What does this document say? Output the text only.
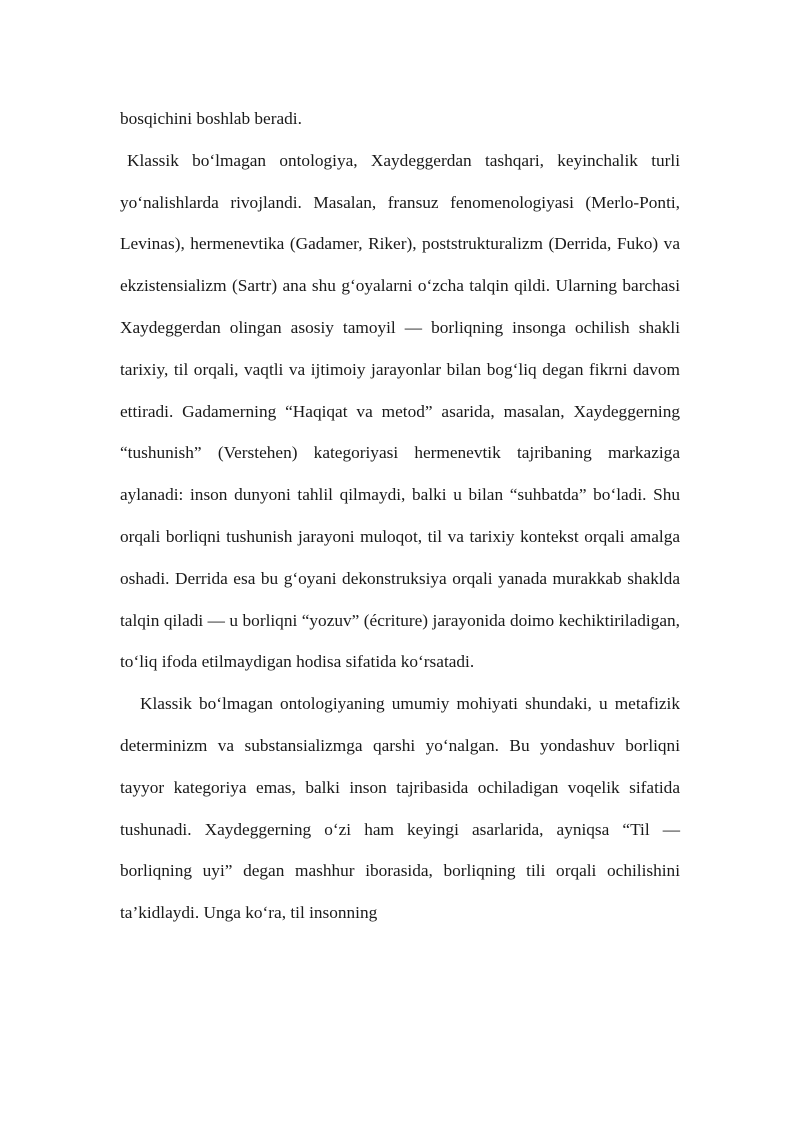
bosqichini boshlab beradi.

Klassik bo‘lmagan ontologiya, Xaydeggerdan tashqari, keyinchalik turli yo‘nalishlarda rivojlandi. Masalan, fransuz fenomenologiyasi (Merlo-Ponti, Levinas), hermenevtika (Gadamer, Riker), poststrukturalizm (Derrida, Fuko) va ekzistensializm (Sartr) ana shu g‘oyalarni o‘zcha talqin qildi. Ularning barchasi Xaydeggerdan olingan asosiy tamoyil — borliqning insonga ochilish shakli tarixiy, til orqali, vaqtli va ijtimoiy jarayonlar bilan bog‘liq degan fikrni davom ettiradi. Gadamerning “Haqiqat va metod” asarida, masalan, Xaydeggerning “tushunish” (Verstehen) kategoriyasi hermenevtik tajribaning markaziga aylanadi: inson dunyoni tahlil qilmaydi, balki u bilan “suhbatda” bo‘ladi. Shu orqali borliqni tushunish jarayoni muloqot, til va tarixiy kontekst orqali amalga oshadi. Derrida esa bu g‘oyani dekonstruksiya orqali yanada murakkab shaklda talqin qiladi — u borliqni “yozuv” (écriture) jarayonida doimo kechiktiriladigan, to‘liq ifoda etilmaydigan hodisa sifatida ko‘rsatadi.

Klassik bo‘lmagan ontologiyaning umumiy mohiyati shundaki, u metafizik determinizm va substansializmga qarshi yo‘nalgan. Bu yondashuv borliqni tayyor kategoriya emas, balki inson tajribasida ochiladigan voqelik sifatida tushunadi. Xaydeggerning o‘zi ham keyingi asarlarida, ayniqsa “Til — borliqning uyi” degan mashhur iborasida, borliqning tili orqali ochilishini ta’kidlaydi. Unga ko‘ra, til insonning
